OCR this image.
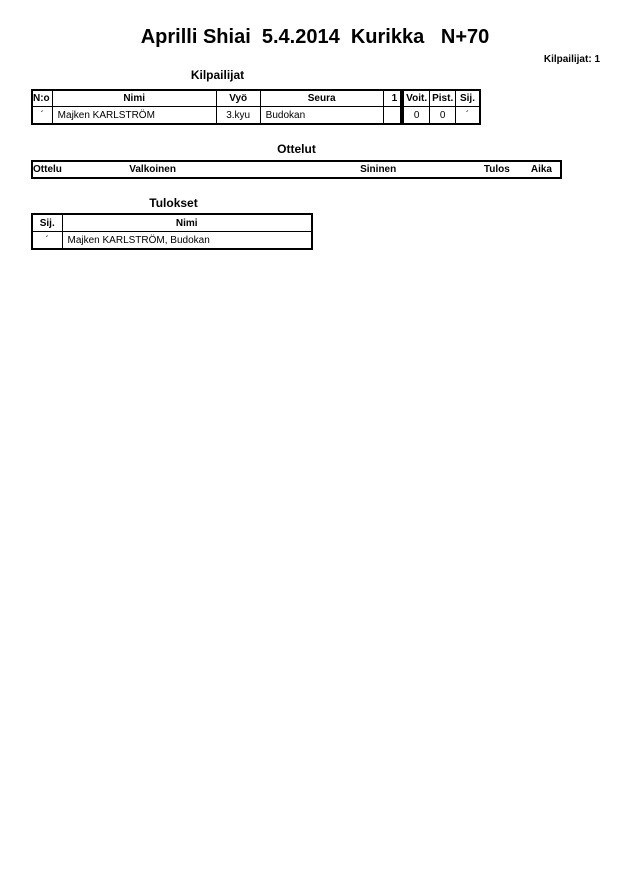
Aprilli Shiai  5.4.2014  Kurikka   N+70
Kilpailijat: 1
Kilpailijat
N:o	Nimi	Vyö	Seura	1		Voit.	Pist.	Sij.
´	Majken KARLSTRÖM	3.kyu	Budokan			0	0	´
Ottelut
Ottelu	Valkoinen	Sininen	Tulos	Aika
Tulokset
Sij.	Nimi
´	Majken KARLSTRÖM, Budokan
